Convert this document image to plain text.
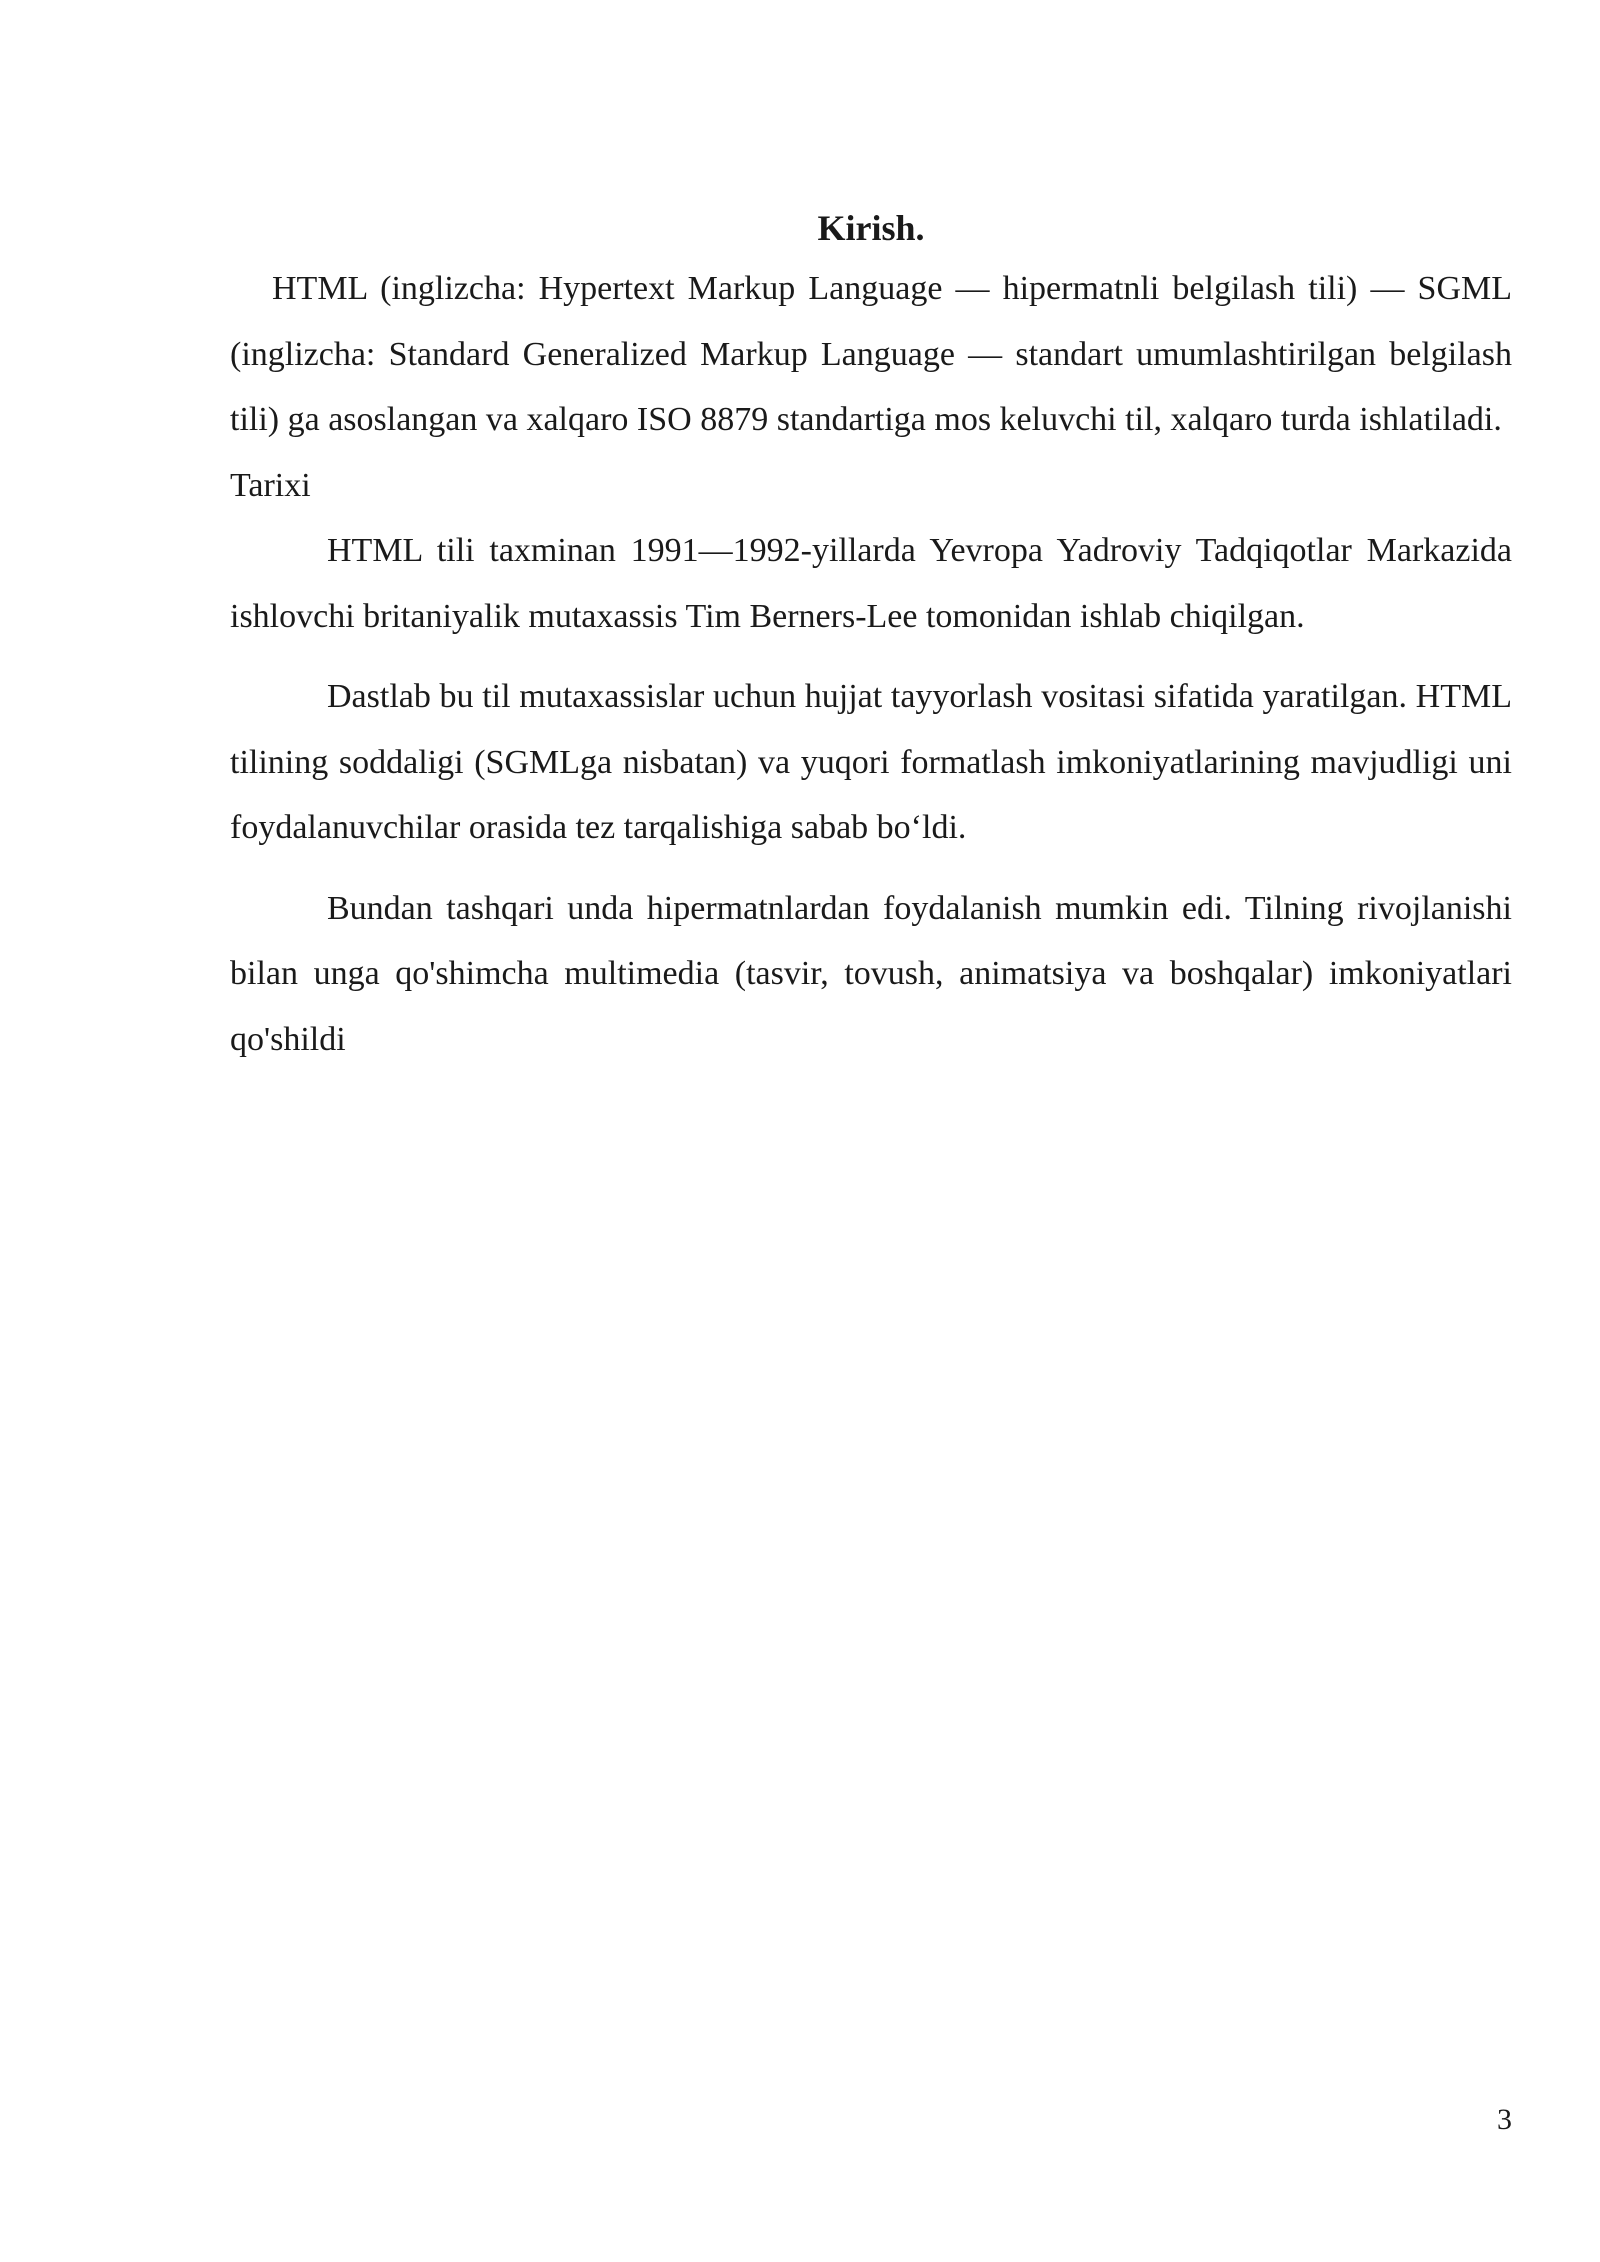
Kirish.

HTML (inglizcha: Hypertext Markup Language — hipermatnli belgilash tili) — SGML (inglizcha: Standard Generalized Markup Language — standart umumlashtirilgan belgilash tili) ga asoslangan va xalqaro ISO 8879 standartiga mos keluvchi til, xalqaro turda ishlatiladi.

Tarixi

HTML tili taxminan 1991—1992-yillarda Yevropa Yadroviy Tadqiqotlar Markazida ishlovchi britaniyalik mutaxassis Tim Berners-Lee tomonidan ishlab chiqilgan.

Dastlab bu til mutaxassislar uchun hujjat tayyorlash vositasi sifatida yaratilgan. HTML tilining soddaligi (SGMLga nisbatan) va yuqori formatlash imkoniyatlarining mavjudligi uni foydalanuvchilar orasida tez tarqalishiga sabab bo‘ldi.

Bundan tashqari unda hipermatnlardan foydalanish mumkin edi. Tilning rivojlanishi bilan unga qo'shimcha multimedia (tasvir, tovush, animatsiya va boshqalar) imkoniyatlari qo'shildi

3
